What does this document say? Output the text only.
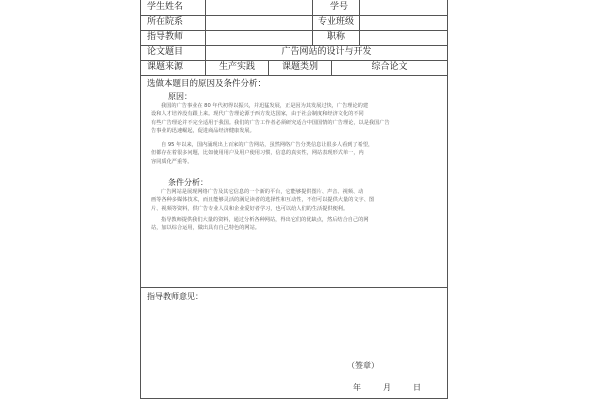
学生姓名	学号
所在院系	专业班级
指导教师	职称
论文题目	广告网站的设计与开发
课题来源	生产实践	课题类别	综合论文
选做本题目的原因及条件分析：
原因：
我国的广告事业在 80 年代初得以振兴，并迅猛发展，正是因为其发展过快，广告理论的建
设和人才培养没有跟上来。现代广告理论源于西方发达国家，由于社会制度和经济文化的不同
有些广告理论并不完全适用于我国。我们的广告工作者必须研究适合中国国情的广告理论，以是我国广告
告事业的迅速崛起，促进商品经济健康发展。
自 95 年以来，国内涌现出上百家的广告网站，虽然网络广告分类信息让很多人看到了希望，
但都存在着很多问题，比如使用用户及用户使用习惯，信息的真实性，网站表现形式单一，内
容同质化严重等。
条件分析：
广告网站是展现网络广告及其它信息的一个新的平台，它能够提供图片、声音、视频、动
画等各种多媒体技术，而且能够灵活的满足读者的选择性和互动性，不但可以提供大量的文字、图
片、视频等资料，供广告专业人员和企业爱好者学习，也可以给人们的生活提供便利。
指导教师提供我们大量的资料，通过分析各种网站，得出它们的优缺点，然后结合自己的网
站，加以综合运用，做出具有自己特色的网站。
指导教师意见：
（签章）
年	月	日
